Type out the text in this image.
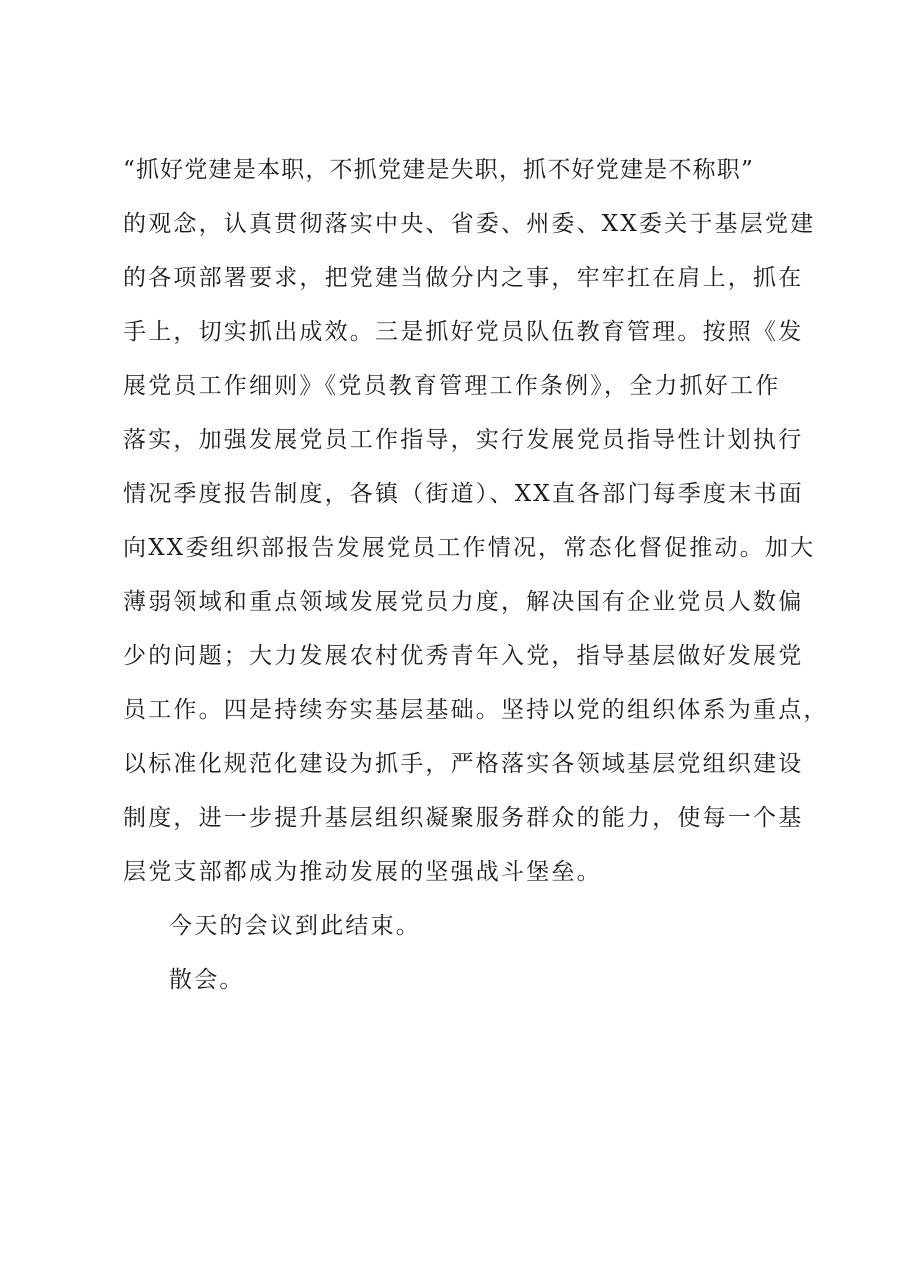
“抓好党建是本职，不抓党建是失职，抓不好党建是不称职”
的观念，认真贯彻落实中央、省委、州委、XX委关于基层党建
的各项部署要求，把党建当做分内之事，牢牢扛在肩上，抓在
手上，切实抓出成效。三是抓好党员队伍教育管理。按照《发
展党员工作细则》《党员教育管理工作条例》，全力抓好工作
落实，加强发展党员工作指导，实行发展党员指导性计划执行
情况季度报告制度，各镇（街道）、XX直各部门每季度末书面
向XX委组织部报告发展党员工作情况，常态化督促推动。加大
薄弱领域和重点领域发展党员力度，解决国有企业党员人数偏
少的问题；大力发展农村优秀青年入党，指导基层做好发展党
员工作。四是持续夯实基层基础。坚持以党的组织体系为重点，
以标准化规范化建设为抓手，严格落实各领域基层党组织建设
制度，进一步提升基层组织凝聚服务群众的能力，使每一个基
层党支部都成为推动发展的坚强战斗堡垒。
今天的会议到此结束。
散会。
